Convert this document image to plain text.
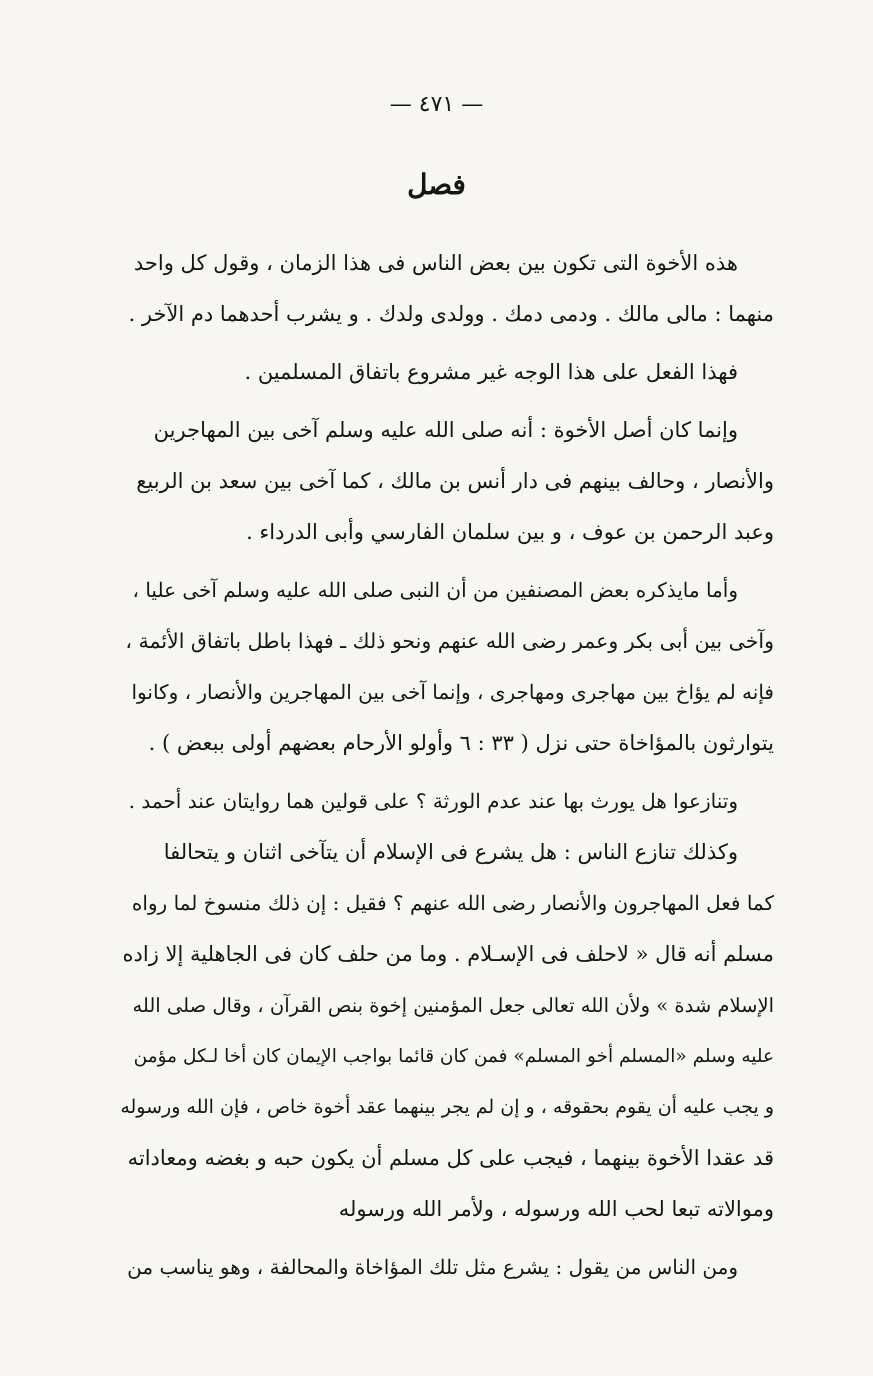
— ٤٧١ —
فصل
هذه الأخوة التى تكون بين بعض الناس فى هذا الزمان ، وقول كل واحد
منهما : مالى مالك . ودمى دمك . وولدى ولدك . و يشرب أحدهما دم الآخر .
فهذا الفعل على هذا الوجه غير مشروع باتفاق المسلمين .
وإنما كان أصل الأخوة : أنه صلى الله عليه وسلم آخى بين المهاجرين
والأنصار ، وحالف بينهم فى دار أنس بن مالك ، كما آخى بين سعد بن الربيع
وعبد الرحمن بن عوف ، و بين سلمان الفارسي وأبى الدرداء .
وأما مايذكره بعض المصنفين من أن النبى صلى الله عليه وسلم آخى عليا ،
وآخى بين أبى بكر وعمر رضى الله عنهم ونحو ذلك ـ فهذا باطل باتفاق الأئمة ،
فإنه لم يؤاخ بين مهاجرى ومهاجرى ، وإنما آخى بين المهاجرين والأنصار ، وكانوا
يتوارثون بالمؤاخاة حتى نزل ( ٣٣ : ٦ وأولو الأرحام بعضهم أولى ببعض ) .
وتنازعوا هل يورث بها عند عدم الورثة ؟ على قولين هما روايتان عند أحمد .
وكذلك تنازع الناس : هل يشرع فى الإسلام أن يتآخى اثنان و يتحالفا
كما فعل المهاجرون والأنصار رضى الله عنهم ؟ فقيل : إن ذلك منسوخ لما رواه
مسلم أنه قال « لاحلف فى الإسـلام . وما من حلف كان فى الجاهلية إلا زاده
الإسلام شدة » ولأن الله تعالى جعل المؤمنين إخوة بنص القرآن ، وقال صلى الله
عليه وسلم «المسلم أخو المسلم» فمن كان قائما بواجب الإيمان كان أخا لـكل مؤمن
و يجب عليه أن يقوم بحقوقه ، و إن لم يجر بينهما عقد أخوة خاص ، فإن الله ورسوله
قد عقدا الأخوة بينهما ، فيجب على كل مسلم أن يكون حبه و بغضه ومعاداته
وموالاته تبعا لحب الله ورسوله ، ولأمر الله ورسوله
ومن الناس من يقول : يشرع مثل تلك المؤاخاة والمحالفة ، وهو يناسب من
